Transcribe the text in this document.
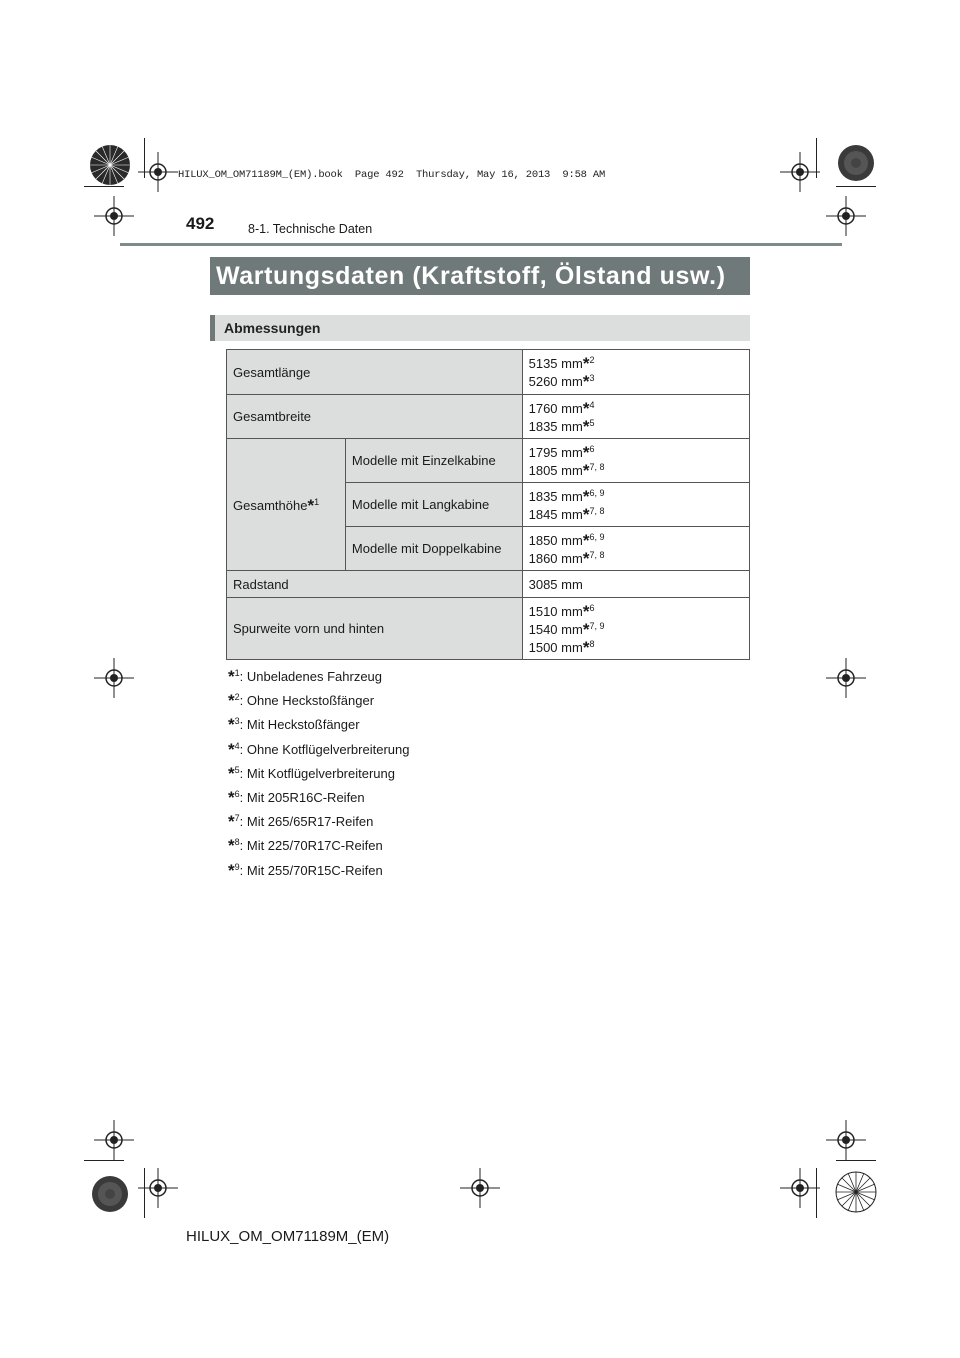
HILUX_OM_OM71189M_(EM).book  Page 492  Thursday, May 16, 2013  9:58 AM
492	8-1. Technische Daten
Wartungsdaten (Kraftstoff, Ölstand usw.)
Abmessungen
Gesamtlänge		5135 mm*$^2$
5260 mm*$^3$

Gesamtbreite		1760 mm*$^4$
1835 mm*$^5$

Gesamthöhe*$^1$	Modelle mit Einzelkabine	1795 mm*$^6$
1805 mm*$^{7, 8}$

	Modelle mit Langkabine	1835 mm*$^{6, 9}$
1845 mm*$^{7, 8}$

	Modelle mit Doppelkabine	1850 mm*$^{6, 9}$
1860 mm*$^{7, 8}$

Radstand		3085 mm
Spurweite vorn und hinten		1510 mm*$^6$
1540 mm*$^{7, 9}$
1500 mm*$^8$
*$^1$: Unbeladenes Fahrzeug
*$^2$: Ohne Heckstoßfänger
*$^3$: Mit Heckstoßfänger
*$^4$: Ohne Kotflügelverbreiterung
*$^5$: Mit Kotflügelverbreiterung
*$^6$: Mit 205R16C-Reifen
*$^7$: Mit 265/65R17-Reifen
*$^8$: Mit 225/70R17C-Reifen
*$^9$: Mit 255/70R15C-Reifen
HILUX_OM_OM71189M_(EM)
